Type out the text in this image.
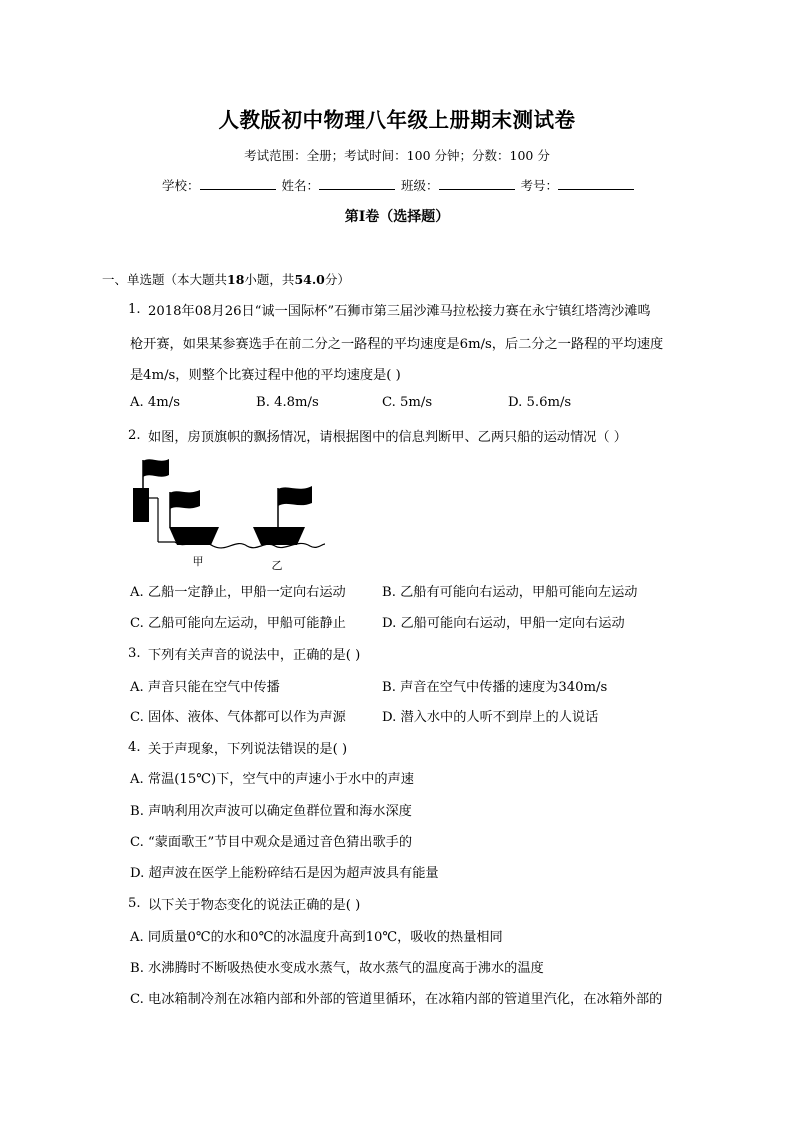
人教版初中物理八年级上册期末测试卷
考试范围：全册；考试时间：100 分钟；分数：100 分
学校：	姓名：	班级：	考号：
第Ⅰ卷（选择题）
一、单选题（本大题共18小题，共54.0分）
1. 2018年08月26日“诚一国际杯”石狮市第三届沙滩马拉松接力赛在永宁镇红塔湾沙滩鸣
枪开赛，如果某参赛选手在前二分之一路程的平均速度是6m/s，后二分之一路程的平均速度
是4m/s，则整个比赛过程中他的平均速度是( )
A. 4m/s	B. 4.8m/s	C. 5m/s	D. 5.6m/s
2. 如图，房顶旗帜的飘扬情况，请根据图中的信息判断甲、乙两只船的运动情况（ ）
甲	乙
A. 乙船一定静止，甲船一定向右运动	B. 乙船有可能向右运动，甲船可能向左运动
C. 乙船可能向左运动，甲船可能静止	D. 乙船可能向右运动，甲船一定向右运动
3. 下列有关声音的说法中，正确的是( )
A. 声音只能在空气中传播	B. 声音在空气中传播的速度为340m/s
C. 固体、液体、气体都可以作为声源	D. 潜入水中的人听不到岸上的人说话
4. 关于声现象，下列说法错误的是( )
A. 常温(15℃)下，空气中的声速小于水中的声速
B. 声呐利用次声波可以确定鱼群位置和海水深度
C. “蒙面歌王”节目中观众是通过音色猜出歌手的
D. 超声波在医学上能粉碎结石是因为超声波具有能量
5. 以下关于物态变化的说法正确的是( )
A. 同质量0℃的水和0℃的冰温度升高到10℃，吸收的热量相同
B. 水沸腾时不断吸热使水变成水蒸气，故水蒸气的温度高于沸水的温度
C. 电冰箱制冷剂在冰箱内部和外部的管道里循环，在冰箱内部的管道里汽化，在冰箱外部的
